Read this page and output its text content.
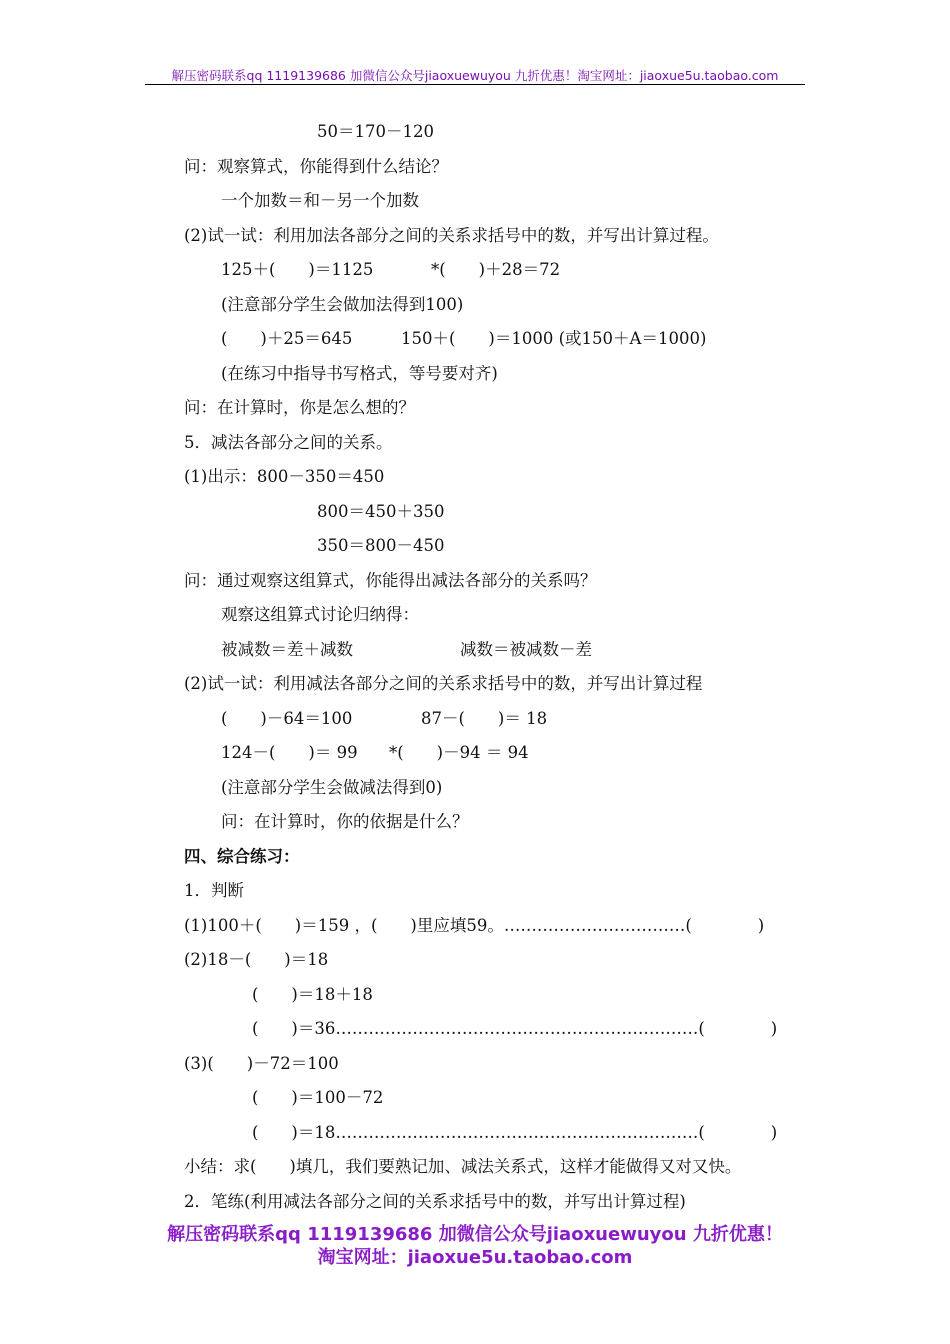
解压密码联系qq 1119139686 加微信公众号jiaoxuewuyou 九折优惠！淘宝网址：jiaoxue5u.taobao.com
50＝170－120
问：观察算式，你能得到什么结论？
一个加数＝和－另一个加数
(2)试一试：利用加法各部分之间的关系求括号中的数，并写出计算过程。
125＋(　　)＝1125	*(　　)＋28＝72
(注意部分学生会做加法得到100)
(　　)＋25＝645	150＋(　　)＝1000 (或150＋A＝1000)
(在练习中指导书写格式，等号要对齐)
问：在计算时，你是怎么想的？
5．减法各部分之间的关系。
(1)出示：800－350＝450
800＝450＋350
350＝800－450
问：通过观察这组算式，你能得出减法各部分的关系吗？
观察这组算式讨论归纳得：
被减数＝差＋减数	减数＝被减数－差
(2)试一试：利用减法各部分之间的关系求括号中的数，并写出计算过程
(　　)－64＝100	87－(　　)＝ 18
124－(　　)＝ 99 *(　　)－94 ＝ 94
(注意部分学生会做减法得到0)
问：在计算时，你的依据是什么？
四、综合练习：
1．判断
(1)100＋(　　)＝159 ，(　　)里应填59。……………………………(　　　　)
(2)18－(　　)＝18
(　　)＝18＋18
(　　)＝36…………………………………………………………(　　　　)
(3)(　　)－72＝100
(　　)＝100－72
(　　)＝18…………………………………………………………(　　　　)
小结：求(　　)填几，我们要熟记加、减法关系式，这样才能做得又对又快。
2．笔练(利用减法各部分之间的关系求括号中的数，并写出计算过程)
解压密码联系qq 1119139686 加微信公众号jiaoxuewuyou 九折优惠！
淘宝网址：jiaoxue5u.taobao.com
